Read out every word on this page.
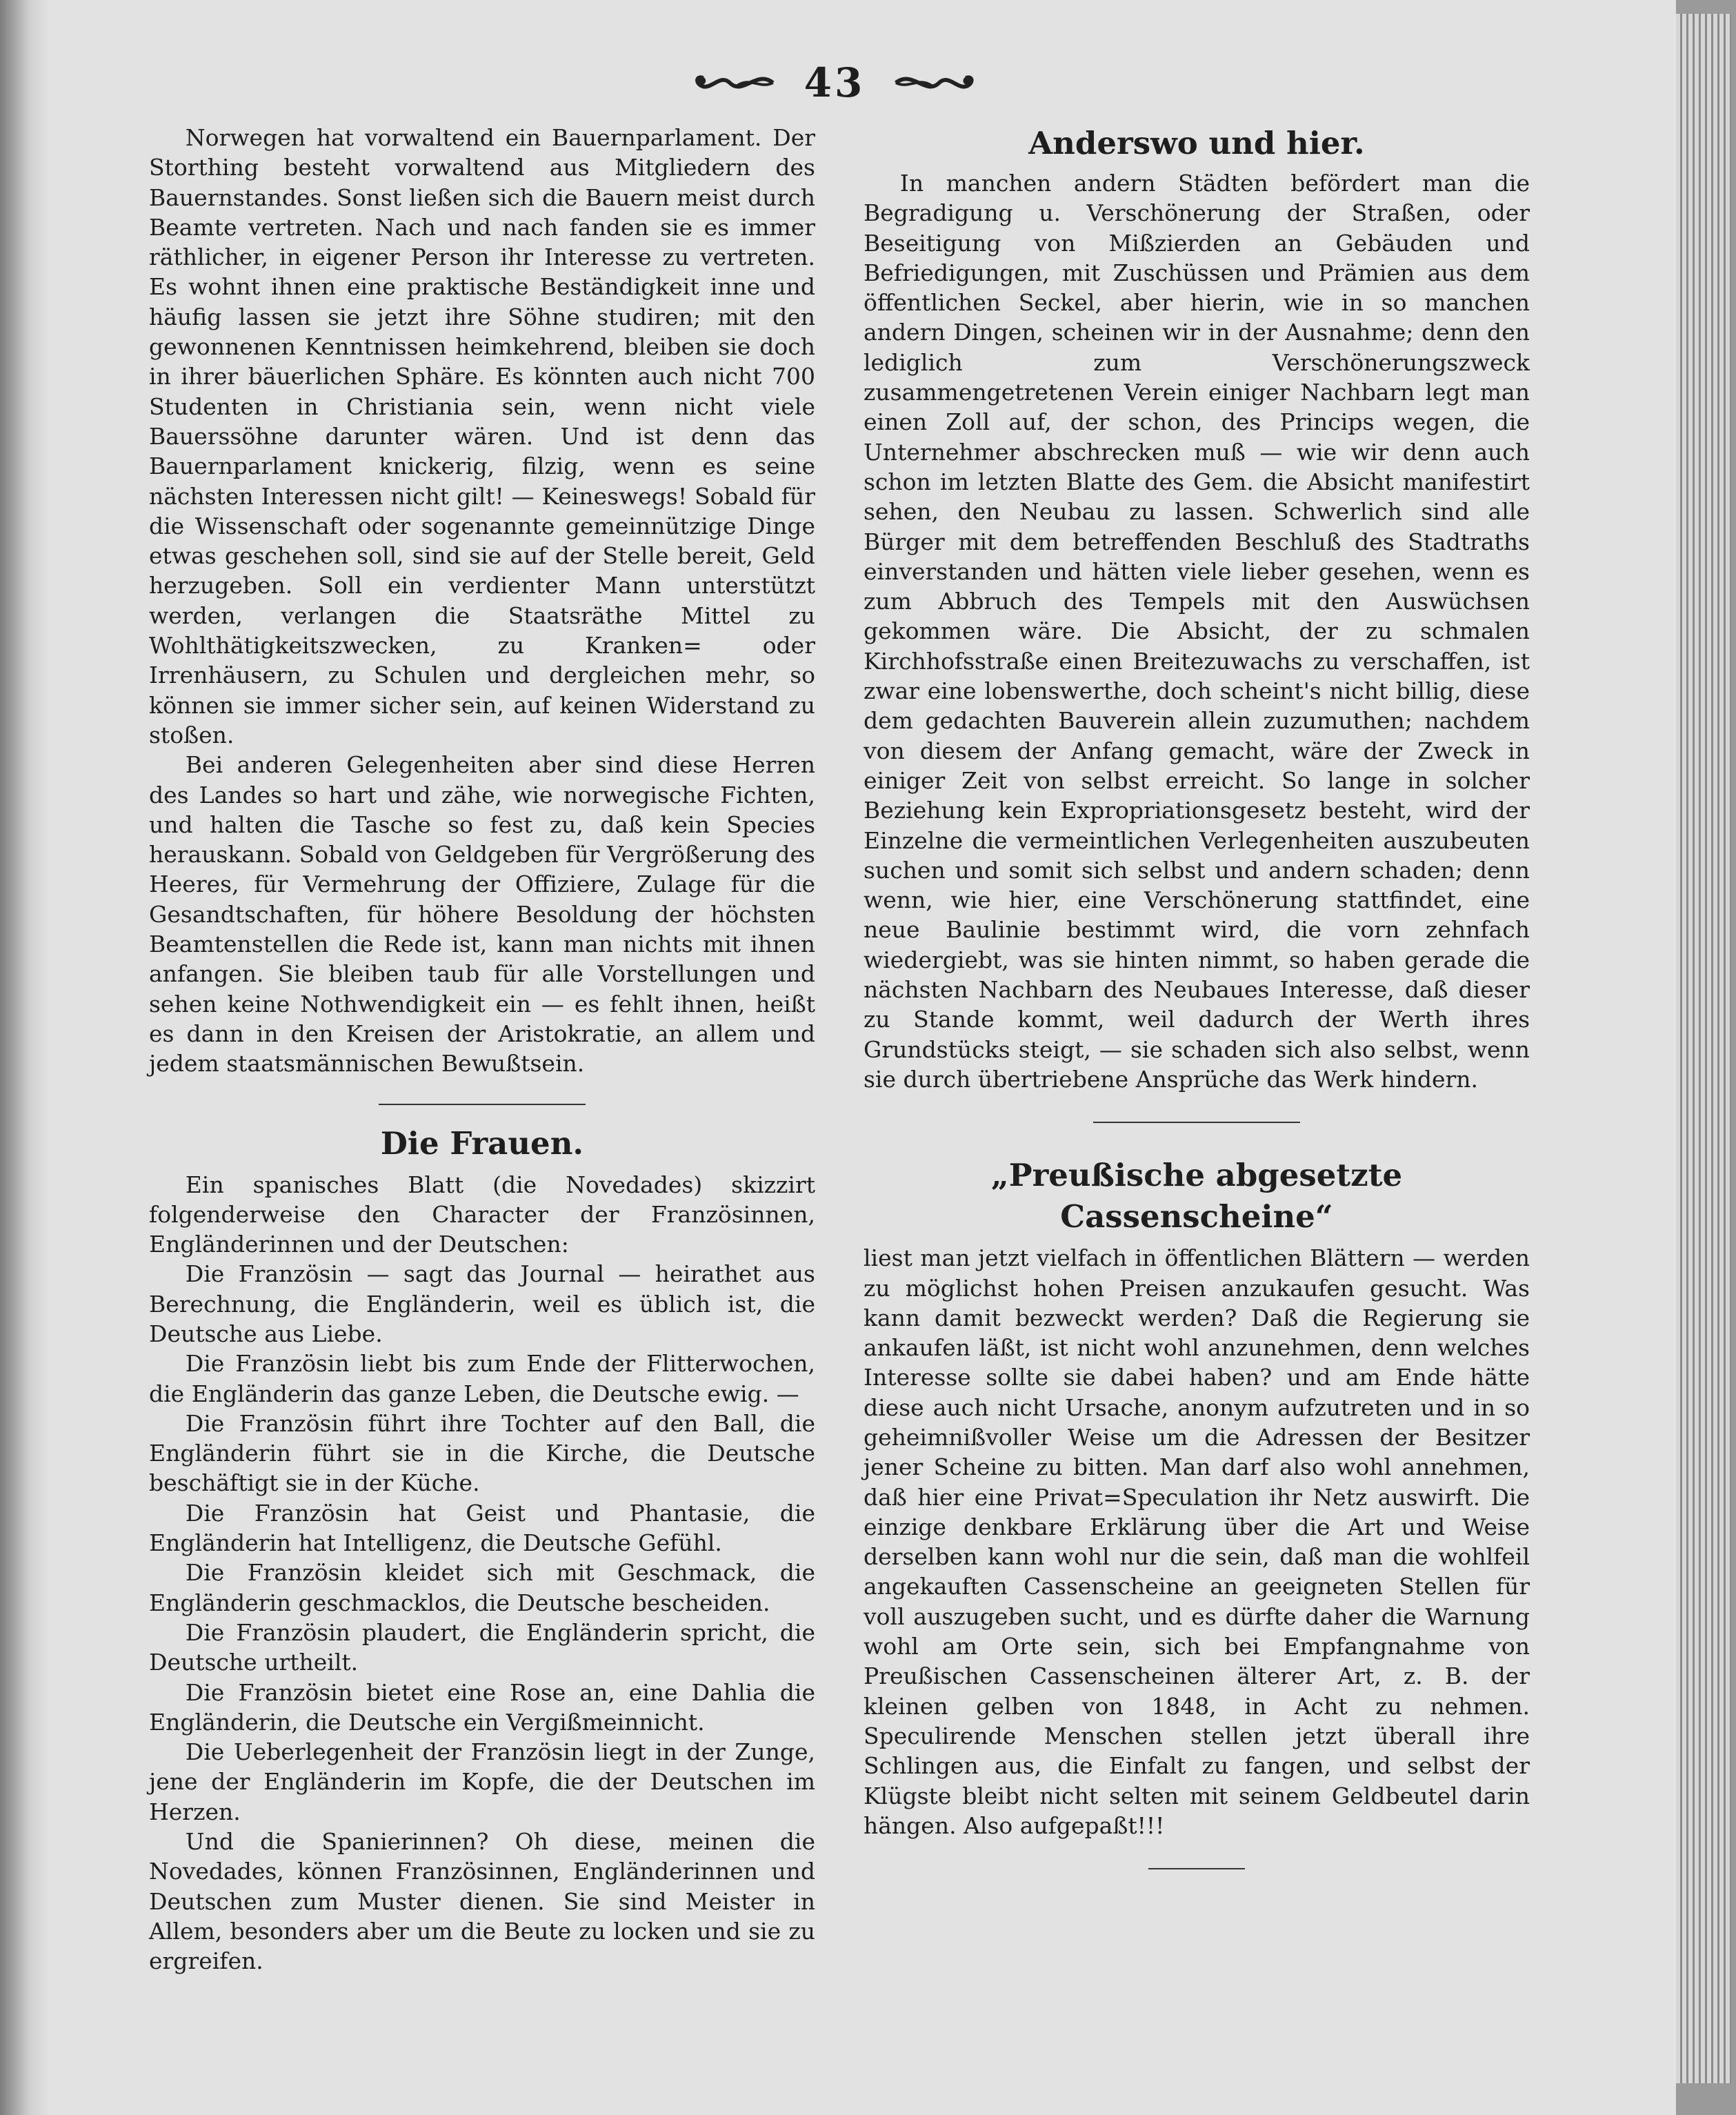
43

Norwegen hat vorwaltend ein Bauernparlament. Der Storthing besteht vorwaltend aus Mitgliedern des Bauernstandes. Sonst ließen sich die Bauern meist durch Beamte vertreten. Nach und nach fanden sie es immer räthlicher, in eigener Person ihr Interesse zu vertreten. Es wohnt ihnen eine praktische Beständigkeit inne und häufig lassen sie jetzt ihre Söhne studiren; mit den gewonnenen Kenntnissen heimkehrend, bleiben sie doch in ihrer bäuerlichen Sphäre. Es könnten auch nicht 700 Studenten in Christiania sein, wenn nicht viele Bauerssöhne darunter wären. Und ist denn das Bauernparlament knickerig, filzig, wenn es seine nächsten Interessen nicht gilt! — Keineswegs! Sobald für die Wissenschaft oder sogenannte gemeinnützige Dinge etwas geschehen soll, sind sie auf der Stelle bereit, Geld herzugeben. Soll ein verdienter Mann unterstützt werden, verlangen die Staatsräthe Mittel zu Wohlthätigkeitszwecken, zu Kranken= oder Irrenhäusern, zu Schulen und dergleichen mehr, so können sie immer sicher sein, auf keinen Widerstand zu stoßen.

Bei anderen Gelegenheiten aber sind diese Herren des Landes so hart und zähe, wie norwegische Fichten, und halten die Tasche so fest zu, daß kein Species herauskann. Sobald von Geldgeben für Vergrößerung des Heeres, für Vermehrung der Offiziere, Zulage für die Gesandtschaften, für höhere Besoldung der höchsten Beamtenstellen die Rede ist, kann man nichts mit ihnen anfangen. Sie bleiben taub für alle Vorstellungen und sehen keine Nothwendigkeit ein — es fehlt ihnen, heißt es dann in den Kreisen der Aristokratie, an allem und jedem staatsmännischen Bewußtsein.

Die Frauen.

Ein spanisches Blatt (die Novedades) skizzirt folgenderweise den Character der Französinnen, Engländerinnen und der Deutschen:

Die Französin — sagt das Journal — heirathet aus Berechnung, die Engländerin, weil es üblich ist, die Deutsche aus Liebe.

Die Französin liebt bis zum Ende der Flitterwochen, die Engländerin das ganze Leben, die Deutsche ewig. —

Die Französin führt ihre Tochter auf den Ball, die Engländerin führt sie in die Kirche, die Deutsche beschäftigt sie in der Küche.

Die Französin hat Geist und Phantasie, die Engländerin hat Intelligenz, die Deutsche Gefühl.

Die Französin kleidet sich mit Geschmack, die Engländerin geschmacklos, die Deutsche bescheiden.

Die Französin plaudert, die Engländerin spricht, die Deutsche urtheilt.

Die Französin bietet eine Rose an, eine Dahlia die Engländerin, die Deutsche ein Vergißmeinnicht.

Die Ueberlegenheit der Französin liegt in der Zunge, jene der Engländerin im Kopfe, die der Deutschen im Herzen.

Und die Spanierinnen? Oh diese, meinen die Novedades, können Französinnen, Engländerinnen und Deutschen zum Muster dienen. Sie sind Meister in Allem, besonders aber um die Beute zu locken und sie zu ergreifen.

Anderswo und hier.

In manchen andern Städten befördert man die Begradigung u. Verschönerung der Straßen, oder Beseitigung von Mißzierden an Gebäuden und Befriedigungen, mit Zuschüssen und Prämien aus dem öffentlichen Seckel, aber hierin, wie in so manchen andern Dingen, scheinen wir in der Ausnahme; denn den lediglich zum Verschönerungszweck zusammengetretenen Verein einiger Nachbarn legt man einen Zoll auf, der schon, des Princips wegen, die Unternehmer abschrecken muß — wie wir denn auch schon im letzten Blatte des Gem. die Absicht manifestirt sehen, den Neubau zu lassen. Schwerlich sind alle Bürger mit dem betreffenden Beschluß des Stadtraths einverstanden und hätten viele lieber gesehen, wenn es zum Abbruch des Tempels mit den Auswüchsen gekommen wäre. Die Absicht, der zu schmalen Kirchhofsstraße einen Breitezuwachs zu verschaffen, ist zwar eine lobenswerthe, doch scheint's nicht billig, diese dem gedachten Bauverein allein zuzumuthen; nachdem von diesem der Anfang gemacht, wäre der Zweck in einiger Zeit von selbst erreicht. So lange in solcher Beziehung kein Expropriationsgesetz besteht, wird der Einzelne die vermeintlichen Verlegenheiten auszubeuten suchen und somit sich selbst und andern schaden; denn wenn, wie hier, eine Verschönerung stattfindet, eine neue Baulinie bestimmt wird, die vorn zehnfach wiedergiebt, was sie hinten nimmt, so haben gerade die nächsten Nachbarn des Neubaues Interesse, daß dieser zu Stande kommt, weil dadurch der Werth ihres Grundstücks steigt, — sie schaden sich also selbst, wenn sie durch übertriebene Ansprüche das Werk hindern.

„Preußische abgesetzte Cassenscheine“

liest man jetzt vielfach in öffentlichen Blättern — werden zu möglichst hohen Preisen anzukaufen gesucht. Was kann damit bezweckt werden? Daß die Regierung sie ankaufen läßt, ist nicht wohl anzunehmen, denn welches Interesse sollte sie dabei haben? und am Ende hätte diese auch nicht Ursache, anonym aufzutreten und in so geheimnißvoller Weise um die Adressen der Besitzer jener Scheine zu bitten. Man darf also wohl annehmen, daß hier eine Privat=Speculation ihr Netz auswirft. Die einzige denkbare Erklärung über die Art und Weise derselben kann wohl nur die sein, daß man die wohlfeil angekauften Cassenscheine an geeigneten Stellen für voll auszugeben sucht, und es dürfte daher die Warnung wohl am Orte sein, sich bei Empfangnahme von Preußischen Cassenscheinen älterer Art, z. B. der kleinen gelben von 1848, in Acht zu nehmen. Speculirende Menschen stellen jetzt überall ihre Schlingen aus, die Einfalt zu fangen, und selbst der Klügste bleibt nicht selten mit seinem Geldbeutel darin hängen. Also aufgepaßt!!!
